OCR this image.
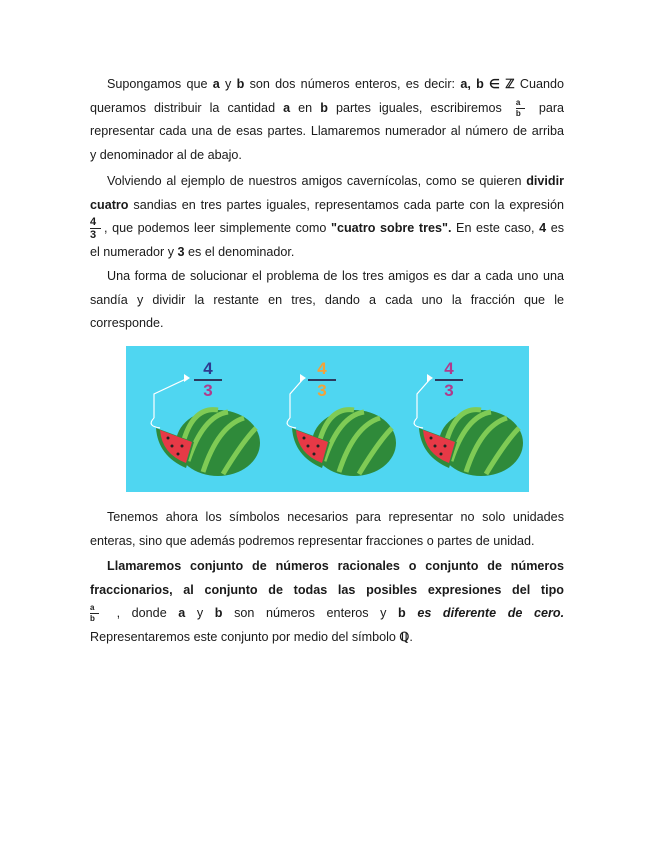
Supongamos que a y b son dos números enteros, es decir: a, b ∈ ℤ Cuando
queramos distribuir la cantidad a en b partes iguales, escribiremos $\frac{a}{b}$ para
representar cada una de esas partes. Llamaremos numerador al número de arriba
y denominador al de abajo.
Volviendo al ejemplo de nuestros amigos cavernícolas, como se quieren dividir
cuatro sandias en tres partes iguales, representamos cada parte con la expresión
$\frac{4}{3}$ , que podemos leer simplemente como "cuatro sobre tres". En este caso, 4 es
el numerador y 3 es el denominador.
Una forma de solucionar el problema de los tres amigos es dar a cada uno una
sandía y dividir la restante en tres, dando a cada uno la fracción que le
corresponde.
4
3
4
3
4
3
Tenemos ahora los símbolos necesarios para representar no solo unidades
enteras, sino que además podremos representar fracciones o partes de unidad.
Llamaremos conjunto de números racionales o conjunto de números
fraccionarios, al conjunto de todas las posibles expresiones del tipo
$\frac{a}{b}$ , donde a y b son números enteros y b es diferente de cero.
Representaremos este conjunto por medio del símbolo ℚ.
